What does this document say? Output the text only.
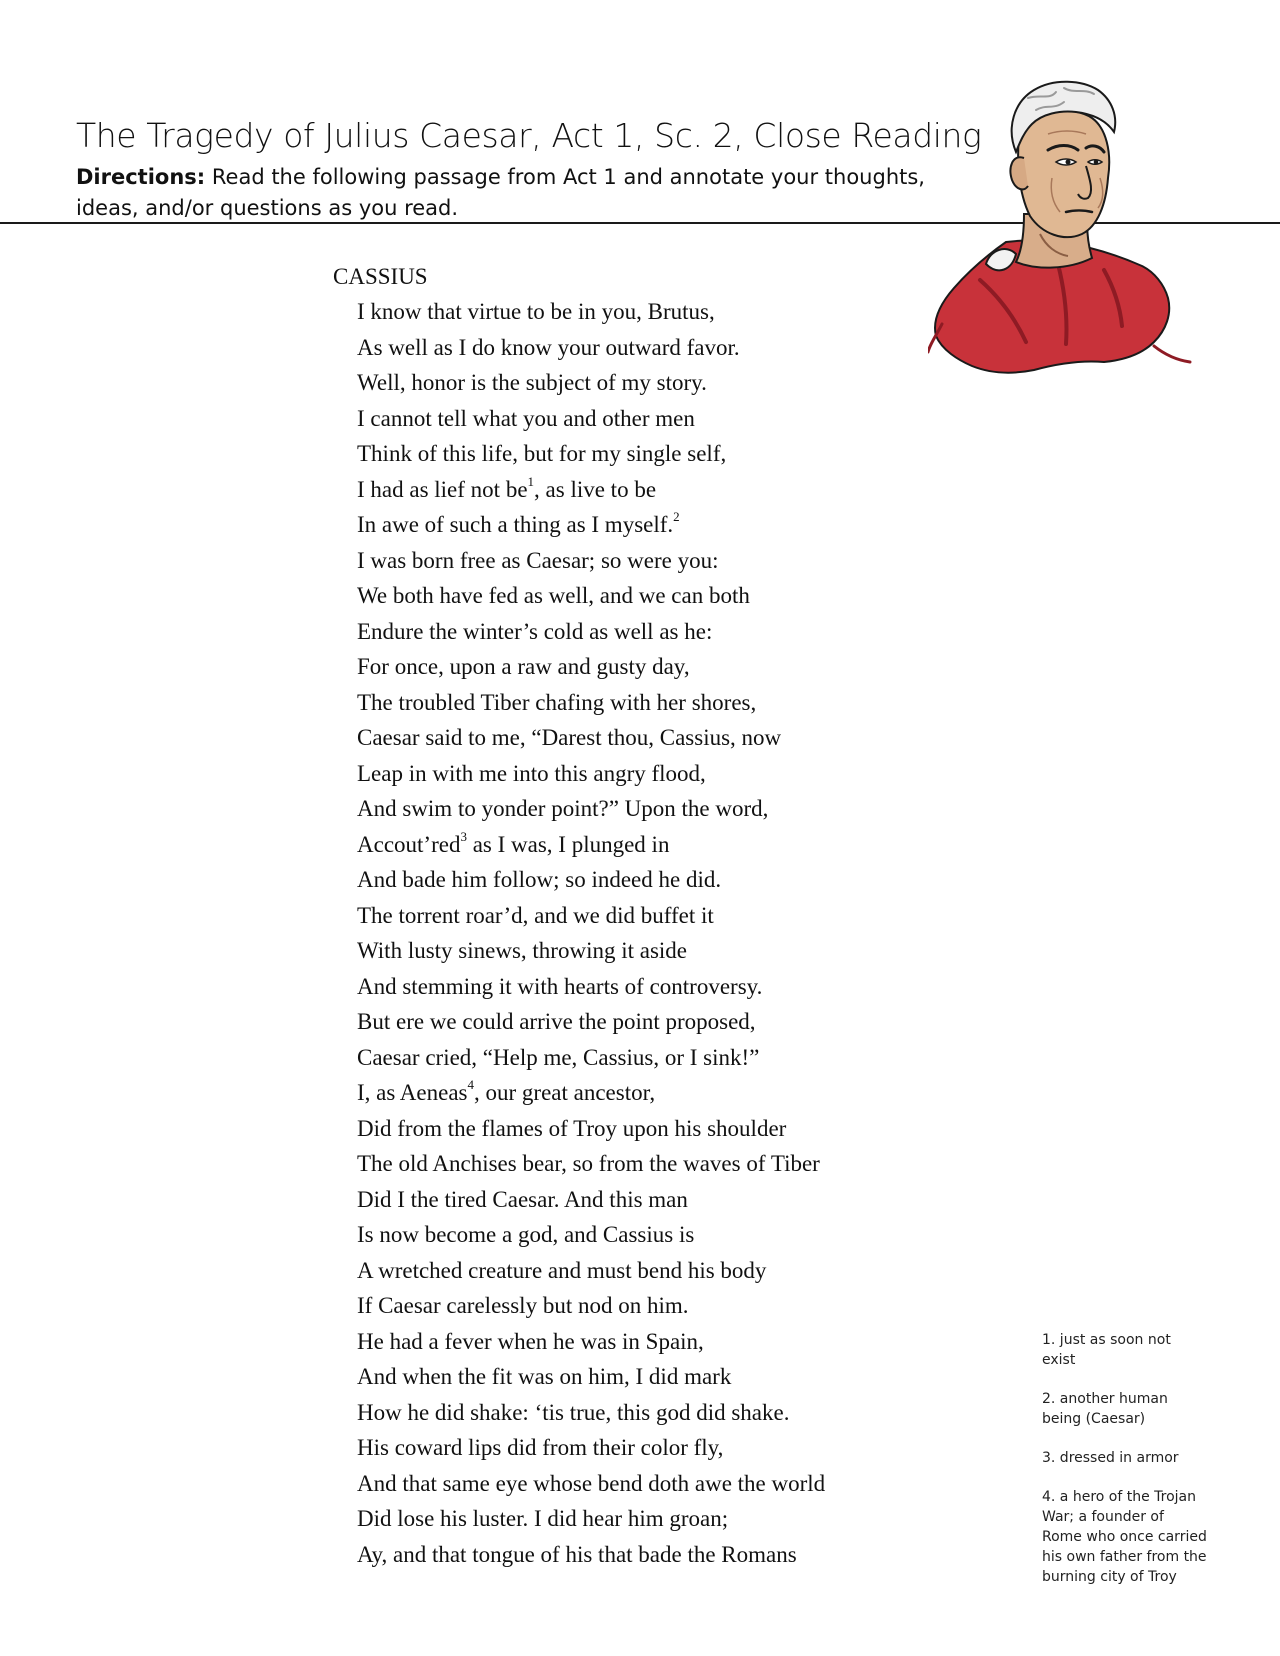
The Tragedy of Julius Caesar, Act 1, Sc. 2, Close Reading

Directions: Read the following passage from Act 1 and annotate your thoughts, ideas, and/or questions as you read.

CASSIUS
I know that virtue to be in you, Brutus,
As well as I do know your outward favor.
Well, honor is the subject of my story.
I cannot tell what you and other men
Think of this life, but for my single self,
I had as lief not $be^1$, as live to be
In awe of such a thing as I myself.$^2$
I was born free as Caesar; so were you:
We both have fed as well, and we can both
Endure the winter’s cold as well as he:
For once, upon a raw and gusty day,
The troubled Tiber chafing with her shores,
Caesar said to me, “Darest thou, Cassius, now
Leap in with me into this angry flood,
And swim to yonder point?” Upon the word,
Accout’red$^3$ as I was, I plunged in
And bade him follow; so indeed he did.
The torrent roar’d, and we did buffet it
With lusty sinews, throwing it aside
And stemming it with hearts of controversy.
But ere we could arrive the point proposed,
Caesar cried, “Help me, Cassius, or I sink!”
I, as Aeneas$^4$, our great ancestor,
Did from the flames of Troy upon his shoulder
The old Anchises bear, so from the waves of Tiber
Did I the tired Caesar. And this man
Is now become a god, and Cassius is
A wretched creature and must bend his body
If Caesar carelessly but nod on him.
He had a fever when he was in Spain,
And when the fit was on him, I did mark
How he did shake: ‘tis true, this god did shake.
His coward lips did from their color fly,
And that same eye whose bend doth awe the world
Did lose his luster. I did hear him groan;
Ay, and that tongue of his that bade the Romans
1. just as soon not exist
2. another human being (Caesar)
3. dressed in armor
4. a hero of the Trojan War; a founder of Rome who once carried his own father from the burning city of Troy
